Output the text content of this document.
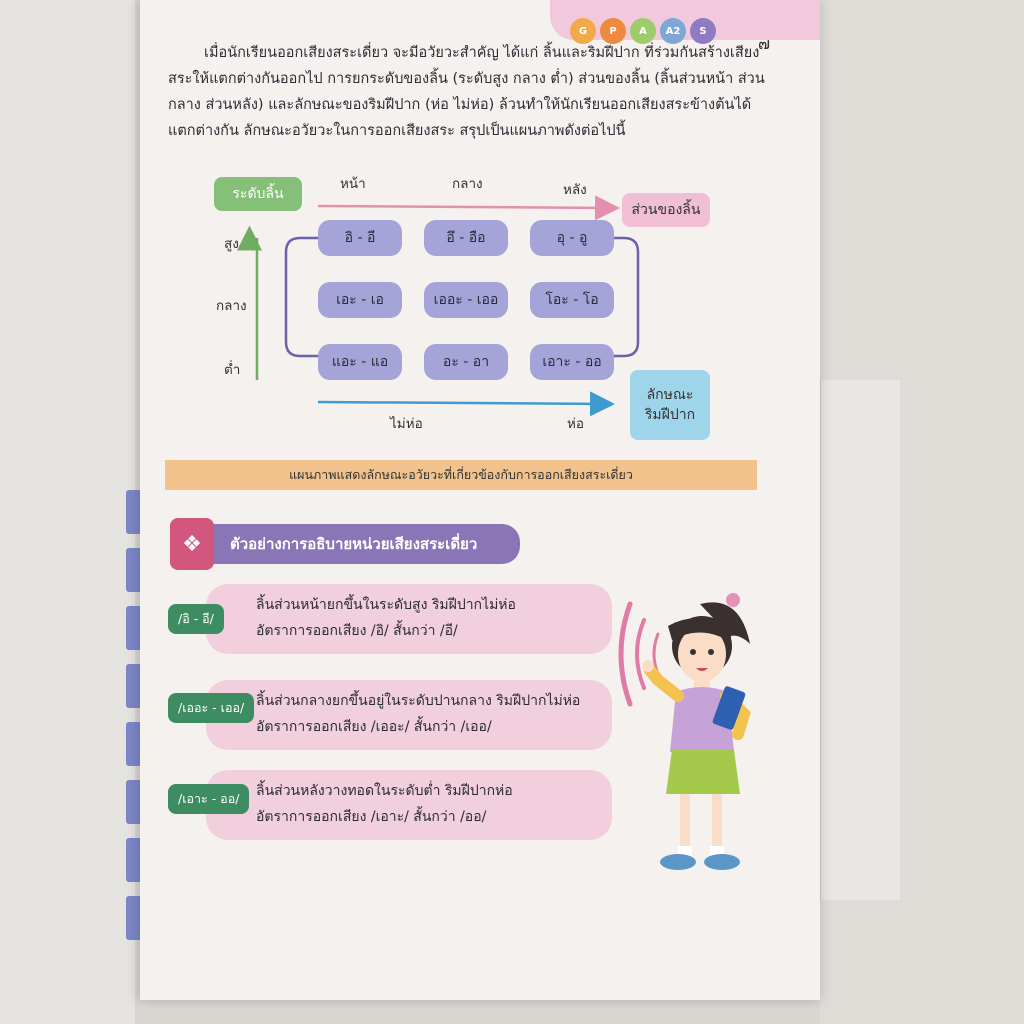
G	P	A	A2	S
๗

เมื่อนักเรียนออกเสียงสระเดี่ยว จะมีอวัยวะสำคัญ ได้แก่ ลิ้นและริมฝีปาก ที่ร่วมกันสร้างเสียงสระให้แตกต่างกันออกไป การยกระดับของลิ้น (ระดับสูง กลาง ต่ำ) ส่วนของลิ้น (ลิ้นส่วนหน้า ส่วนกลาง ส่วนหลัง) และลักษณะของริมฝีปาก (ห่อ ไม่ห่อ) ล้วนทำให้นักเรียนออกเสียงสระข้างต้นได้แตกต่างกัน ลักษณะอวัยวะในการออกเสียงสระ สรุปเป็นแผนภาพดังต่อไปนี้

ระดับลิ้น
ส่วนของลิ้น
ลักษณะ
ริมฝีปาก
หน้า	กลาง	หลัง
สูง
กลาง
ต่ำ
ไม่ห่อ	ห่อ
อิ - อี	อึ - อือ	อุ - อู
เอะ - เอ	เออะ - เออ	โอะ - โอ
แอะ - แอ	อะ - อา	เอาะ - ออ
แผนภาพแสดงลักษณะอวัยวะที่เกี่ยวข้องกับการออกเสียงสระเดี่ยว
ตัวอย่างการอธิบายหน่วยเสียงสระเดี่ยว
❖
ลิ้นส่วนหน้ายกขึ้นในระดับสูง ริมฝีปากไม่ห่อ
อัตราการออกเสียง /อิ/ สั้นกว่า /อี/
/อิ - อี/
ลิ้นส่วนกลางยกขึ้นอยู่ในระดับปานกลาง ริมฝีปากไม่ห่อ
อัตราการออกเสียง /เออะ/ สั้นกว่า /เออ/
/เออะ - เออ/
ลิ้นส่วนหลังวางทอดในระดับต่ำ ริมฝีปากห่อ
อัตราการออกเสียง /เอาะ/ สั้นกว่า /ออ/
/เอาะ - ออ/
